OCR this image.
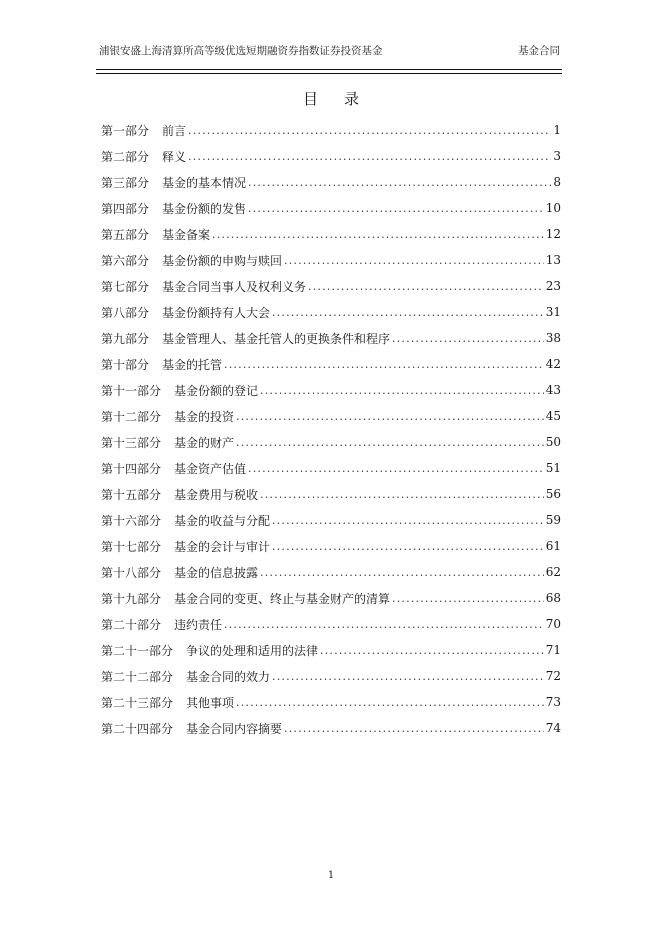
浦银安盛上海清算所高等级优选短期融资券指数证券投资基金	基金合同
目录
第一部分 前言 .....	1
第二部分 释义 .....	3
第三部分 基金的基本情况 .....	8
第四部分 基金份额的发售 .....	10
第五部分 基金备案 .....	12
第六部分 基金份额的申购与赎回 .....	13
第七部分 基金合同当事人及权利义务 .....	23
第八部分 基金份额持有人大会 .....	31
第九部分 基金管理人、基金托管人的更换条件和程序 .....	38
第十部分 基金的托管 .....	42
第十一部分 基金份额的登记 .....	43
第十二部分 基金的投资 .....	45
第十三部分 基金的财产 .....	50
第十四部分 基金资产估值 .....	51
第十五部分 基金费用与税收 .....	56
第十六部分 基金的收益与分配 .....	59
第十七部分 基金的会计与审计 .....	61
第十八部分 基金的信息披露 .....	62
第十九部分 基金合同的变更、终止与基金财产的清算 .....	68
第二十部分 违约责任 .....	70
第二十一部分 争议的处理和适用的法律 .....	71
第二十二部分 基金合同的效力 .....	72
第二十三部分 其他事项 .....	73
第二十四部分 基金合同内容摘要 .....	74
1
